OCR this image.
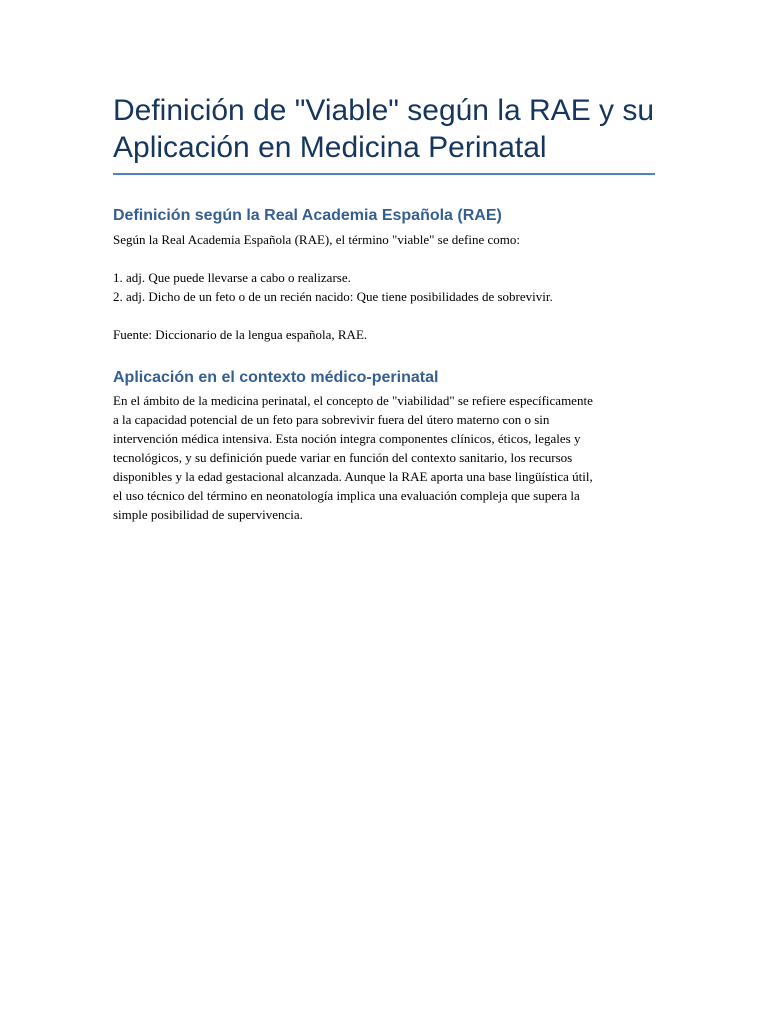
Definición de "Viable" según la RAE y su Aplicación en Medicina Perinatal
Definición según la Real Academia Española (RAE)

Según la Real Academia Española (RAE), el término "viable" se define como:

1. adj. Que puede llevarse a cabo o realizarse.
2. adj. Dicho de un feto o de un recién nacido: Que tiene posibilidades de sobrevivir.

Fuente: Diccionario de la lengua española, RAE.

Aplicación en el contexto médico-perinatal
En el ámbito de la medicina perinatal, el concepto de "viabilidad" se refiere específicamente
a la capacidad potencial de un feto para sobrevivir fuera del útero materno con o sin
intervención médica intensiva. Esta noción integra componentes clínicos, éticos, legales y
tecnológicos, y su definición puede variar en función del contexto sanitario, los recursos
disponibles y la edad gestacional alcanzada. Aunque la RAE aporta una base lingüística útil,
el uso técnico del término en neonatología implica una evaluación compleja que supera la
simple posibilidad de supervivencia.
